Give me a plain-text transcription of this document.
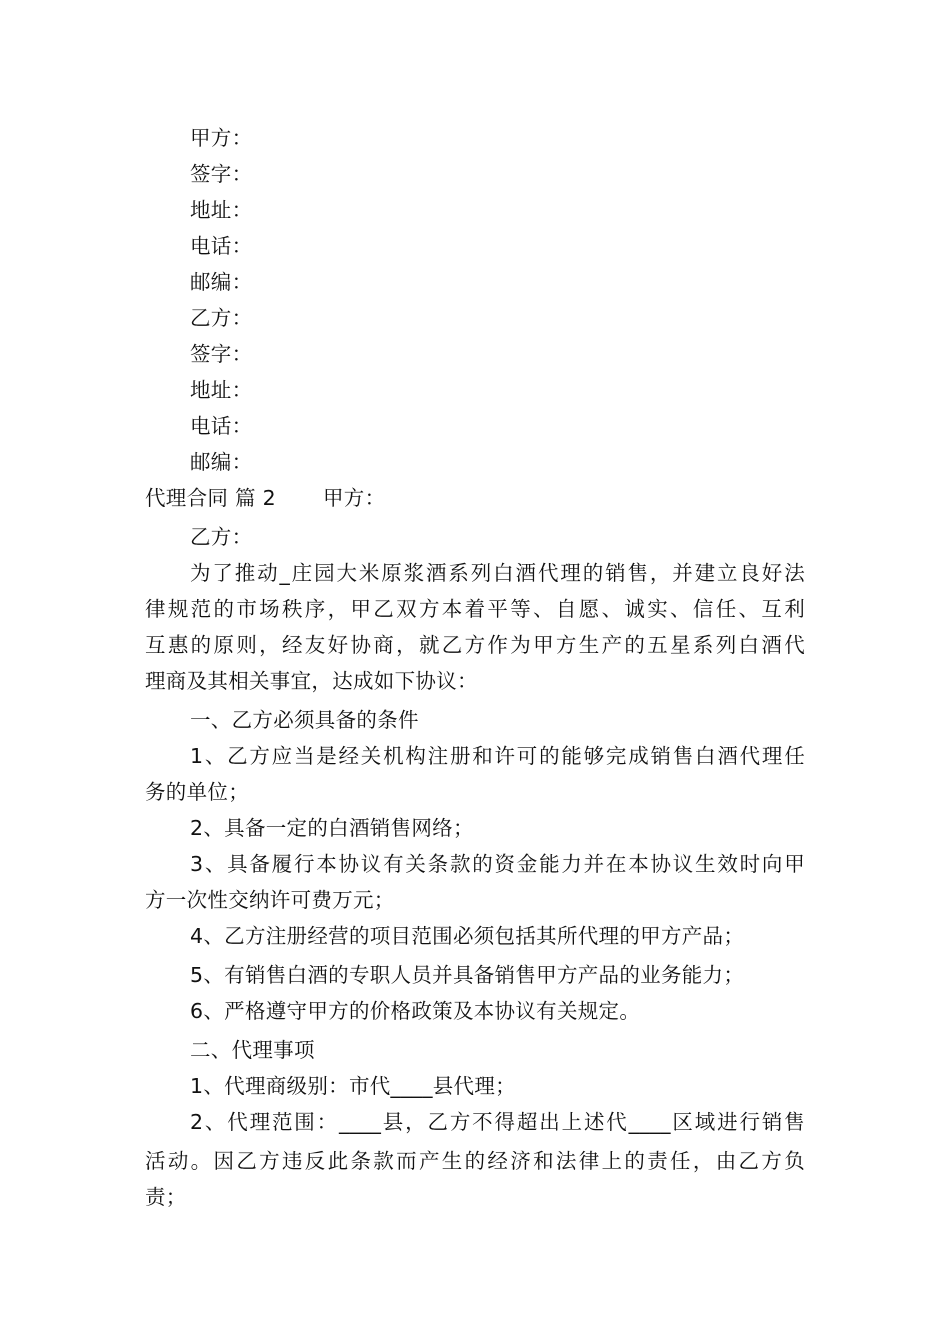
甲方：
签字：
地址：
电话：
邮编：
乙方：
签字：
地址：
电话：
邮编：
代理合同 篇 2 甲方：
乙方：
为了推动_庄园大米原浆酒系列白酒代理的销售，并建立良好法
律规范的市场秩序，甲乙双方本着平等、自愿、诚实、信任、互利
互惠的原则，经友好协商，就乙方作为甲方生产的五星系列白酒代
理商及其相关事宜，达成如下协议：
一、乙方必须具备的条件
1、乙方应当是经关机构注册和许可的能够完成销售白酒代理任
务的单位；
2、具备一定的白酒销售网络；
3、具备履行本协议有关条款的资金能力并在本协议生效时向甲
方一次性交纳许可费万元；
4、乙方注册经营的项目范围必须包括其所代理的甲方产品；
5、有销售白酒的专职人员并具备销售甲方产品的业务能力；
6、严格遵守甲方的价格政策及本协议有关规定。
二、代理事项
1、代理商级别：市代____县代理；
2、代理范围：____县，乙方不得超出上述代____区域进行销售
活动。因乙方违反此条款而产生的经济和法律上的责任，由乙方负
责；
